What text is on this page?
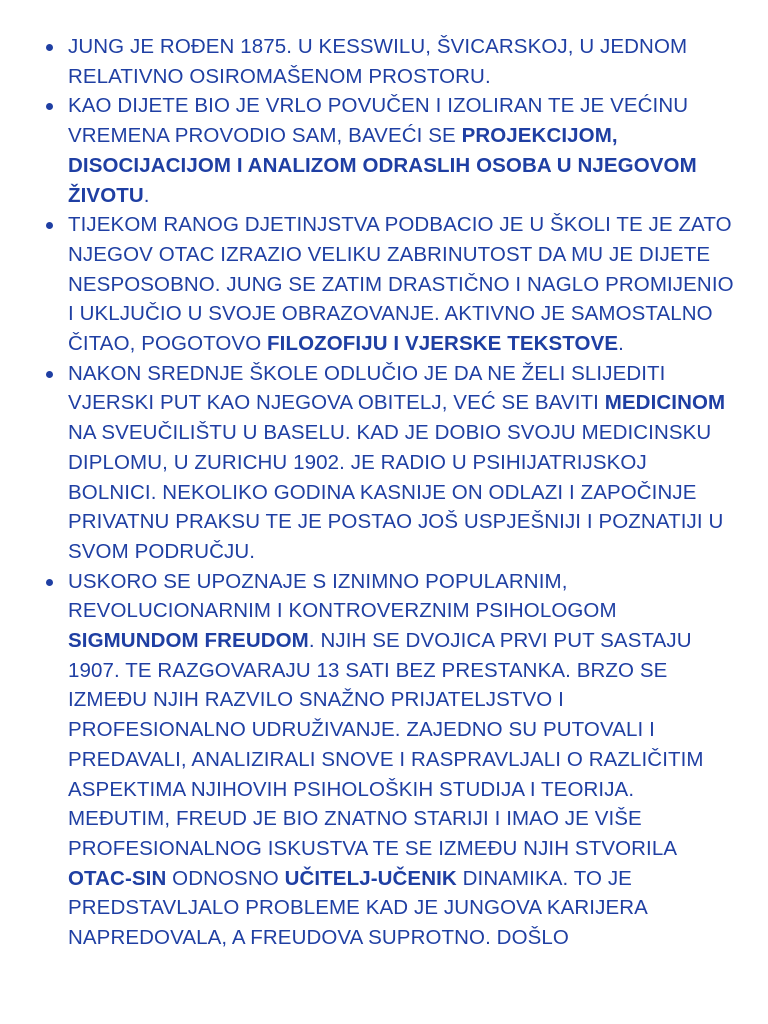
JUNG JE ROĐEN 1875. U KESSWILU, ŠVICARSKOJ, U JEDNOM RELATIVNO OSIROMAŠENOM PROSTORU.
KAO DIJETE BIO JE VRLO POVUČEN I IZOLIRAN TE JE VEĆINU VREMENA PROVODIO SAM, BAVEĆI SE PROJEKCIJOM, DISOCIJACIJOM I ANALIZOM ODRASLIH OSOBA U NJEGOVOM ŽIVOTU.
TIJEKOM RANOG DJETINJSTVA PODBACIO JE U ŠKOLI TE JE ZATO NJEGOV OTAC IZRAZIO VELIKU ZABRINUTOST DA MU JE DIJETE NESPOSOBNO. JUNG SE ZATIM DRASTIČNO I NAGLO PROMIJENIO I UKLJUČIO U SVOJE OBRAZOVANJE. AKTIVNO JE SAMOSTALNO ČITAO, POGOTOVO FILOZOFIJU I VJERSKE TEKSTOVE.
NAKON SREDNJE ŠKOLE ODLUČIO JE DA NE ŽELI SLIJEDITI VJERSKI PUT KAO NJEGOVA OBITELJ, VEĆ SE BAVITI MEDICINOM NA SVEUČILIŠTU U BASELU. KAD JE DOBIO SVOJU MEDICINSKU DIPLOMU, U ZURICHU 1902. JE RADIO U PSIHIJATRIJSKOJ BOLNICI. NEKOLIKO GODINA KASNIJE ON ODLAZI I ZAPOČINJE PRIVATNU PRAKSU TE JE POSTAO JOŠ USPJEŠNIJI I POZNATIJI U SVOM PODRUČJU.
USKORO SE UPOZNAJE S IZNIMNO POPULARNIM, REVOLUCIONARNIM I KONTROVERZNIM PSIHOLOGOM SIGMUNDOM FREUDOM. NJIH SE DVOJICA PRVI PUT SASTAJU 1907. TE RAZGOVARAJU 13 SATI BEZ PRESTANKA. BRZO SE IZMEĐU NJIH RAZVILO SNAŽNO PRIJATELJSTVO I PROFESIONALNO UDRUŽIVANJE. ZAJEDNO SU PUTOVALI I PREDAVALI, ANALIZIRALI SNOVE I RASPRAVLJALI O RAZLIČITIM ASPEKTIMA NJIHOVIH PSIHOLOŠKIH STUDIJA I TEORIJA. MEĐUTIM, FREUD JE BIO ZNATNO STARIJI I IMAO JE VIŠE PROFESIONALNOG ISKUSTVA TE SE IZMEĐU NJIH STVORILA OTAC-SIN ODNOSNO UČITELJ-UČENIK DINAMIKA. TO JE PREDSTAVLJALO PROBLEME KAD JE JUNGOVA KARIJERA NAPREDOVALA, A FREUDOVA SUPROTNO. DOŠLO
